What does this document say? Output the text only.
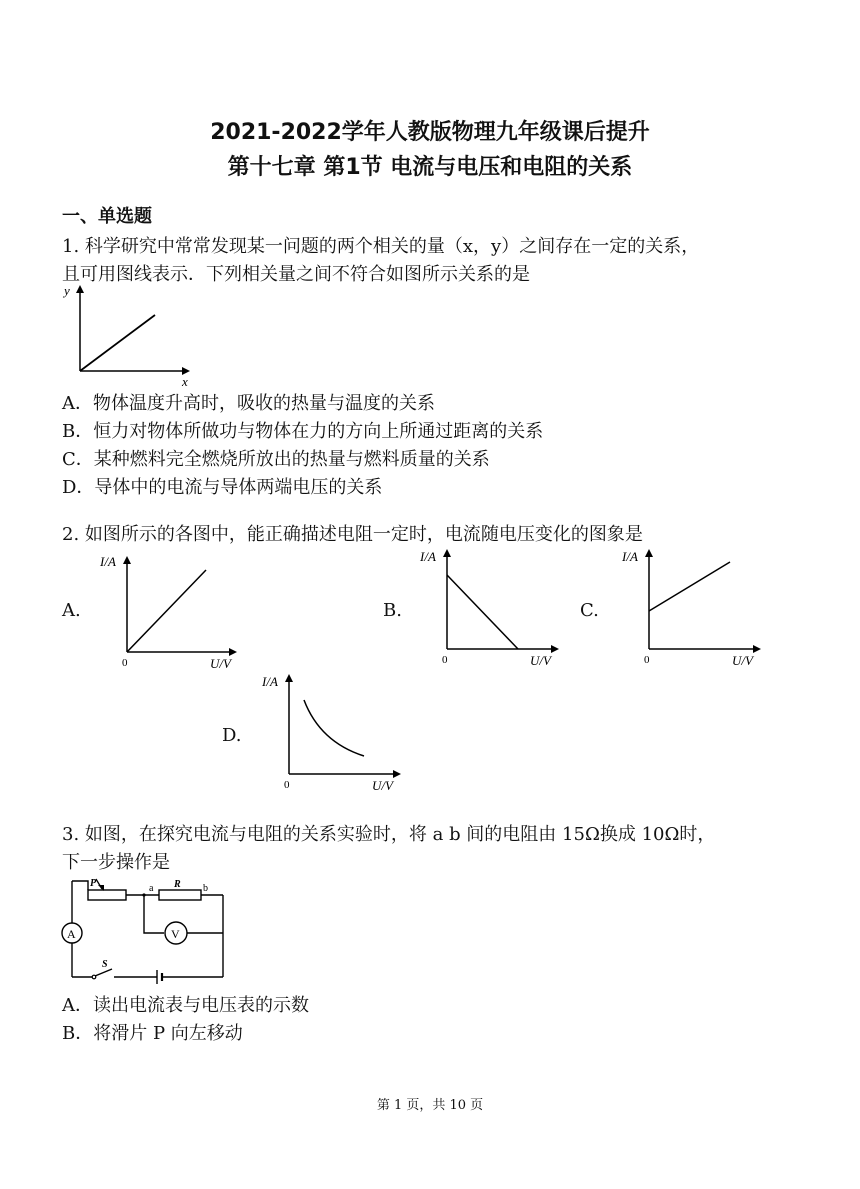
2021-2022学年人教版物理九年级课后提升
第十七章 第1节 电流与电压和电阻的关系
一、单选题
1. 科学研究中常常发现某一问题的两个相关的量（x，y）之间存在一定的关系，
且可用图线表示．下列相关量之间不符合如图所示关系的是
y
x
A．物体温度升高时，吸收的热量与温度的关系
B．恒力对物体所做功与物体在力的方向上所通过距离的关系
C．某种燃料完全燃烧所放出的热量与燃料质量的关系
D．导体中的电流与导体两端电压的关系
2. 如图所示的各图中，能正确描述电阻一定时，电流随电压变化的图象是
A.
I/A
0	U/V
B.
I/A
0	U/V
C.
I/A
0	U/V
D.
I/A
0	U/V
3. 如图，在探究电流与电阻的关系实验时，将 a b 间的电阻由 15Ω换成 10Ω时，
下一步操作是
P	a R b
V
A
S
A．读出电流表与电压表的示数
B．将滑片 P 向左移动
第 1 页，共 10 页
